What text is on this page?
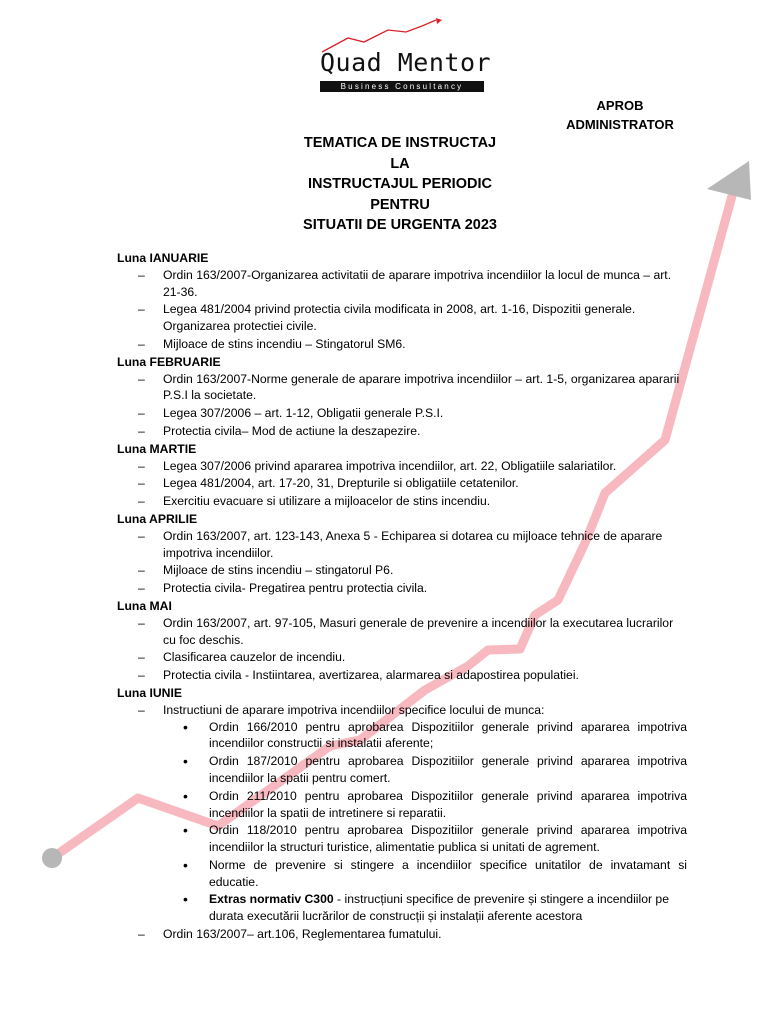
Quad Mentor
Business Consultancy
APROB
ADMINISTRATOR
TEMATICA DE INSTRUCTAJ
LA
INSTRUCTAJUL PERIODIC
PENTRU
SITUATII DE URGENTA 2023

Luna IANUARIE

– Ordin 163/2007-Organizarea activitatii de aparare impotriva incendiilor la locul de munca – art. 21-36.
– Legea 481/2004 privind protectia civila modificata in 2008, art. 1-16, Dispozitii generale. Organizarea protectiei civile.
– Mijloace de stins incendiu – Stingatorul SM6.

Luna FEBRUARIE

– Ordin 163/2007-Norme generale de aparare impotriva incendiilor – art. 1-5, organizarea apararii P.S.I la societate.
– Legea 307/2006 – art. 1-12, Obligatii generale P.S.I.
– Protectia civila– Mod de actiune la deszapezire.

Luna MARTIE

– Legea 307/2006 privind apararea impotriva incendiilor, art. 22, Obligatiile salariatilor.
– Legea 481/2004, art. 17-20, 31, Drepturile si obligatiile cetatenilor.
– Exercitiu evacuare si utilizare a mijloacelor de stins incendiu.

Luna APRILIE

– Ordin 163/2007, art. 123-143, Anexa 5 - Echiparea si dotarea cu mijloace tehnice de aparare impotriva incendiilor.
– Mijloace de stins incendiu – stingatorul P6.
– Protectia civila- Pregatirea pentru protectia civila.

Luna MAI

– Ordin 163/2007, art. 97-105, Masuri generale de prevenire a incendiilor la executarea lucrarilor cu foc deschis.
– Clasificarea cauzelor de incendiu.
– Protectia civila - Instiintarea, avertizarea, alarmarea si adapostirea populatiei.

Luna IUNIE

– Instructiuni de aparare impotriva incendiilor specifice locului de munca:
• Ordin 166/2010 pentru aprobarea Dispozitiilor generale privind apararea impotriva incendiilor constructii si instalatii aferente;
• Ordin 187/2010 pentru aprobarea Dispozitiilor generale privind apararea impotriva incendiilor la spatii pentru comert.
• Ordin 211/2010 pentru aprobarea Dispozitiilor generale privind apararea impotriva incendiilor la spatii de intretinere si reparatii.
• Ordin 118/2010 pentru aprobarea Dispozitiilor generale privind apararea impotriva incendiilor la structuri turistice, alimentatie publica si unitati de agrement.
• Norme de prevenire si stingere a incendiilor specifice unitatilor de invatamant si educatie.
• Extras normativ C300 - instrucțiuni specifice de prevenire și stingere a incendiilor pe durata executării lucrărilor de construcții și instalații aferente acestora
– Ordin 163/2007– art.106, Reglementarea fumatului.
